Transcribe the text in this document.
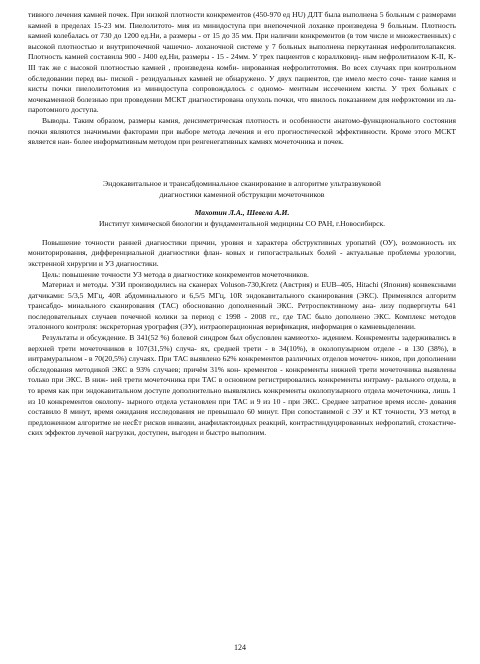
тивного лечения камней почек. При низкой плотности конкрементов (450-970 ед HU) ДЛТ была выполнена 5 больным с размерами камней в пределах 15-23 мм. Пиелолитото- мия из минидоступа при внепочечной лоханке произведена 9 больным. Плотность камней колебалась от 730 до 1200 ед.Ни, а размеры - от 15 до 35 мм. При наличии конкрементов (в том числе и множественных) с высокой плотностью и внутрипочечной чашечно- лоханочной системе у 7 больных выполнена перкутанная нефролитолапаксия. Плотность камней составила 900 - J400 ед.Ни, размеры - 15 - 24мм. У трех пациентов с кораллковид- ным нефролитиазом К-II, K-III так же с высокой плотностью камней , произведена комби- нированная нефролитотомия. Во всех случаях при контрольном обследовании перед вы- пиской - резидуальных камней не обнаружено. У двух пациентов, где имело место сочe- тание камня и кисты почки пиелолитотомия из минидоступа сопровождалось с одномо- ментным иссечением кисты. У трех больных с мочекаменной болезнью при проведении МСКТ диагностирована опухоль почки, что явилось показанием для нефрэктомии из ла- паротомного доступа.

Выводы. Таким образом, размеры камня, денсиметрическая плотность и особенности анатомо-функционального состояния почки являются значимыми факторами при выборе метода лечения и его прогностической эффективности. Кроме этого МСКТ является наи- более информативным методом при ренгенегативных камнях мочеточника и почек.

Эндокавитальное и трансабдоминальное сканирование в алгоритме ультразвуковой

диагностики каменной обструкции мочеточников

Махотин Л.А., Шевела А.И.

Институт химической биологии и фундаментальной медицины СО РАН, г.Новосибирск.

Повышение точности ранней диагностики причин, уровня и характера обструктивных уропатий (ОУ), возможность их мониторирования, дифференциальной диагностики флан- ковых и гипогастральных болей - актуальные проблемы урологии, экстренной хирургии и УЗ диагностики.

Цель: повышение точности УЗ метода в диагностике конкрементов мочеточников.

Материал и методы. УЗИ производились на сканерах Voluson-730,Kretz (Австрия) и EUB–405, Hitachi (Япония) конвексными датчиками: 5/3,5 МГц, 40R абдоминального и 6,5/5 МГц, 10R эндокавитального сканирования (ЭКС). Применялся алгоритм трансабдо- минального сканирования (ТАС) обоснованно дополненный ЭКС. Ретроспективному ана- лизу подвергнуты 641 последовательных случаев почечной колики за период с 1998 - 2008 гг., где ТАС было дополнено ЭКС. Комплекс методов эталонного контроля: экскреторная урография (ЭУ), интраоперационная верификация, информация о камневыделении.

Результаты и обсуждение. В 341(52 %) болевой синдром был обусловлен камиеотхо- ждением. Конкременты задерживались в верхней трети мочеточников в 107(31,5%) случа- ях, средней трети - в 34(10%), в околопузырном отделе - в 130 (38%), в интрамуральном - в 70(20,5%) случаях. При ТАС выявлено 62% конкрементов различных отделов мочеточ- ников, при дополнении обследования методикой ЭКС в 93% случаев; причём 31% кон- крементов - конкременты нижней трети мочеточника выявлены только при ЭКС. В ниж- ней трети мочеточника при ТАС в основном регистрировались конкременты интраму- рального отдела, в то время как при эндокавитальном доступе дополнительно выявлялись конкременты околопузырного отдела мочеточника, лишь 1 из 10 конкрементов околопу- зырного отдела установлен при ТАС и 9 из 10 - при ЭКС. Среднее затратное время иссле- дования составило 8 минут, время ожидания исследования не превышало 60 минут. При сопоставимой с ЭУ и КТ точности, УЗ метод в предложенном алгоритме не несЁт рисков инвазии, анафилактоидных реакций, контрастиндуцированных нефропатий, стохастиче- ских эффектов лучевой нагрузки, доступен, выгоден и быстро выполним.

124
